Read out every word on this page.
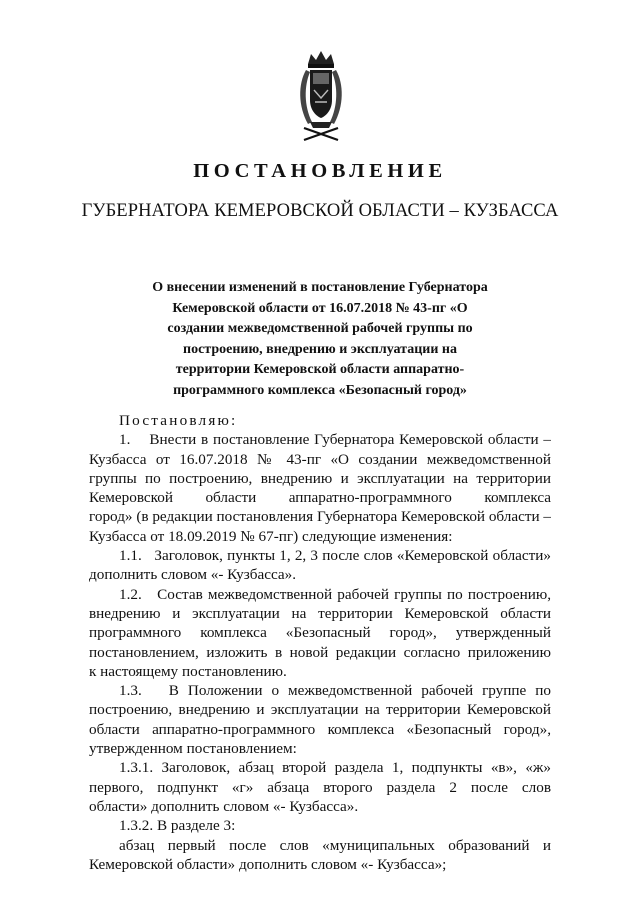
ПОСТАНОВЛЕНИЕ
ГУБЕРНАТОРА КЕМЕРОВСКОЙ ОБЛАСТИ – КУЗБАССА
О внесении изменений в постановление Губернатора
Кемеровской области от 16.07.2018 № 43-пг «О
создании межведомственной рабочей группы по
построению, внедрению и эксплуатации на
территории Кемеровской области аппаратно-
программного комплекса «Безопасный город»
Постановляю:
1.    Внести в постановление Губернатора Кемеровской области –
Кузбасса от 16.07.2018 № 43-пг «О создании межведомственной
группы по построению, внедрению и эксплуатации на территории
Кемеровской области аппаратно-программного комплекса
город» (в редакции постановления Губернатора Кемеровской области –
Кузбасса от 18.09.2019 № 67-пг) следующие изменения:
1.1.   Заголовок, пункты 1, 2, 3 после слов «Кемеровской области»
дополнить словом «- Кузбасса».
1.2.   Состав межведомственной рабочей группы по построению,
внедрению и эксплуатации на территории Кемеровской области
программного комплекса «Безопасный город», утвержденный
постановлением, изложить в новой редакции согласно приложению
к настоящему постановлению.
1.3.   В Положении о межведомственной рабочей группе по
построению, внедрению и эксплуатации на территории Кемеровской
области аппаратно-программного комплекса «Безопасный город»,
утвержденном постановлением:
1.3.1. Заголовок, абзац второй раздела 1, подпункты «в», «ж»
первого, подпункт «г» абзаца второго раздела 2 после слов
области» дополнить словом «- Кузбасса».
1.3.2. В разделе 3:
абзац первый после слов «муниципальных образований и
Кемеровской области» дополнить словом «- Кузбасса»;
